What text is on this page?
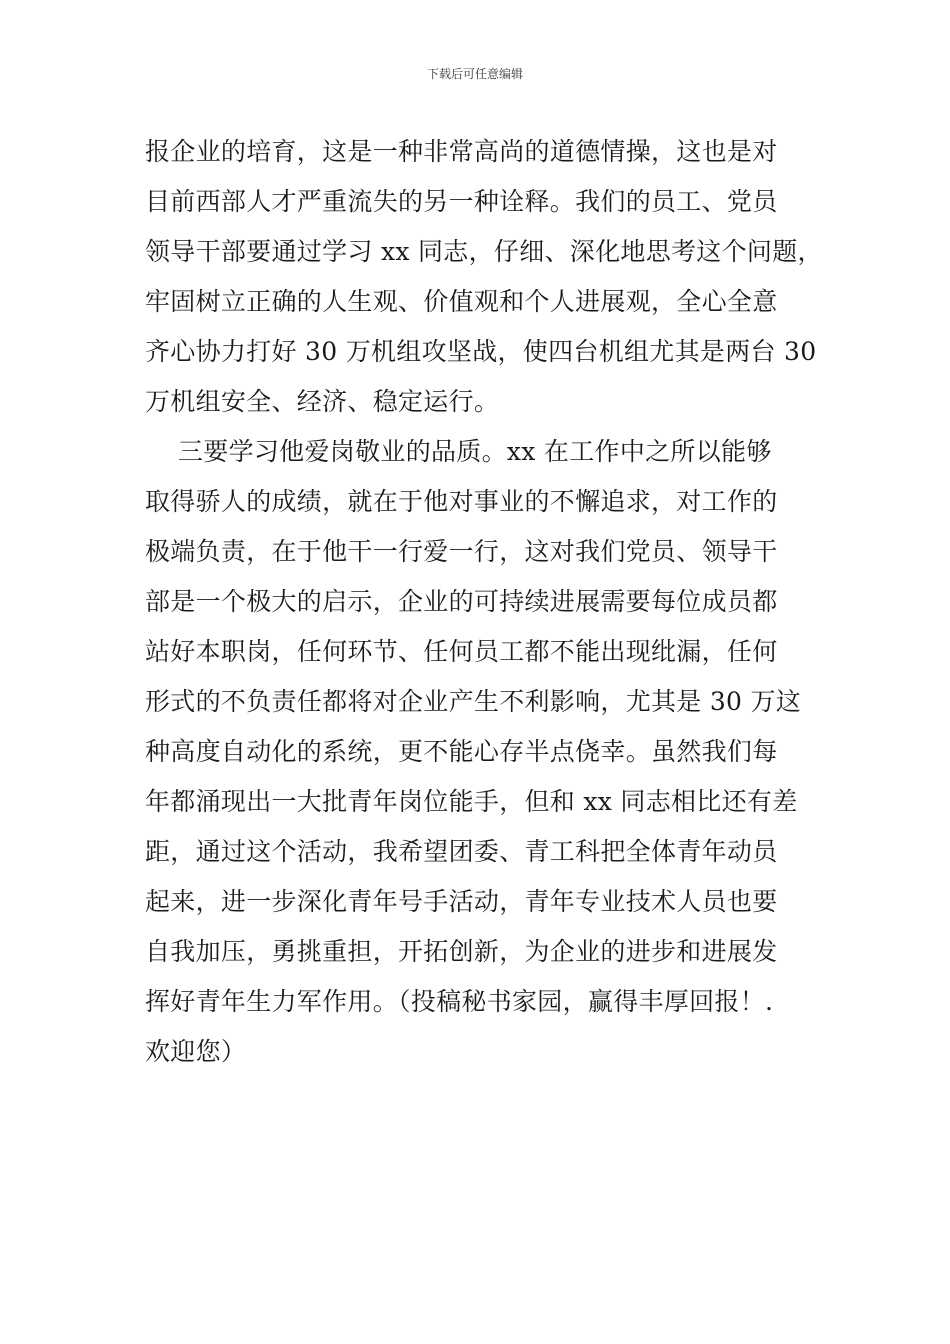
下载后可任意编辑
报企业的培育，这是一种非常高尚的道德情操，这也是对
目前西部人才严重流失的另一种诠释。我们的员工、党员
领导干部要通过学习 xx 同志，仔细、深化地思考这个问题，
牢固树立正确的人生观、价值观和个人进展观，全心全意
齐心协力打好 30 万机组攻坚战，使四台机组尤其是两台 30
万机组安全、经济、稳定运行。
三要学习他爱岗敬业的品质。xx 在工作中之所以能够
取得骄人的成绩，就在于他对事业的不懈追求，对工作的
极端负责，在于他干一行爱一行，这对我们党员、领导干
部是一个极大的启示，企业的可持续进展需要每位成员都
站好本职岗，任何环节、任何员工都不能出现纰漏，任何
形式的不负责任都将对企业产生不利影响，尤其是 30 万这
种高度自动化的系统，更不能心存半点侥幸。虽然我们每
年都涌现出一大批青年岗位能手，但和 xx 同志相比还有差
距，通过这个活动，我希望团委、青工科把全体青年动员
起来，进一步深化青年号手活动，青年专业技术人员也要
自我加压，勇挑重担，开拓创新，为企业的进步和进展发
挥好青年生力军作用。（投稿秘书家园，赢得丰厚回报！.
欢迎您）
